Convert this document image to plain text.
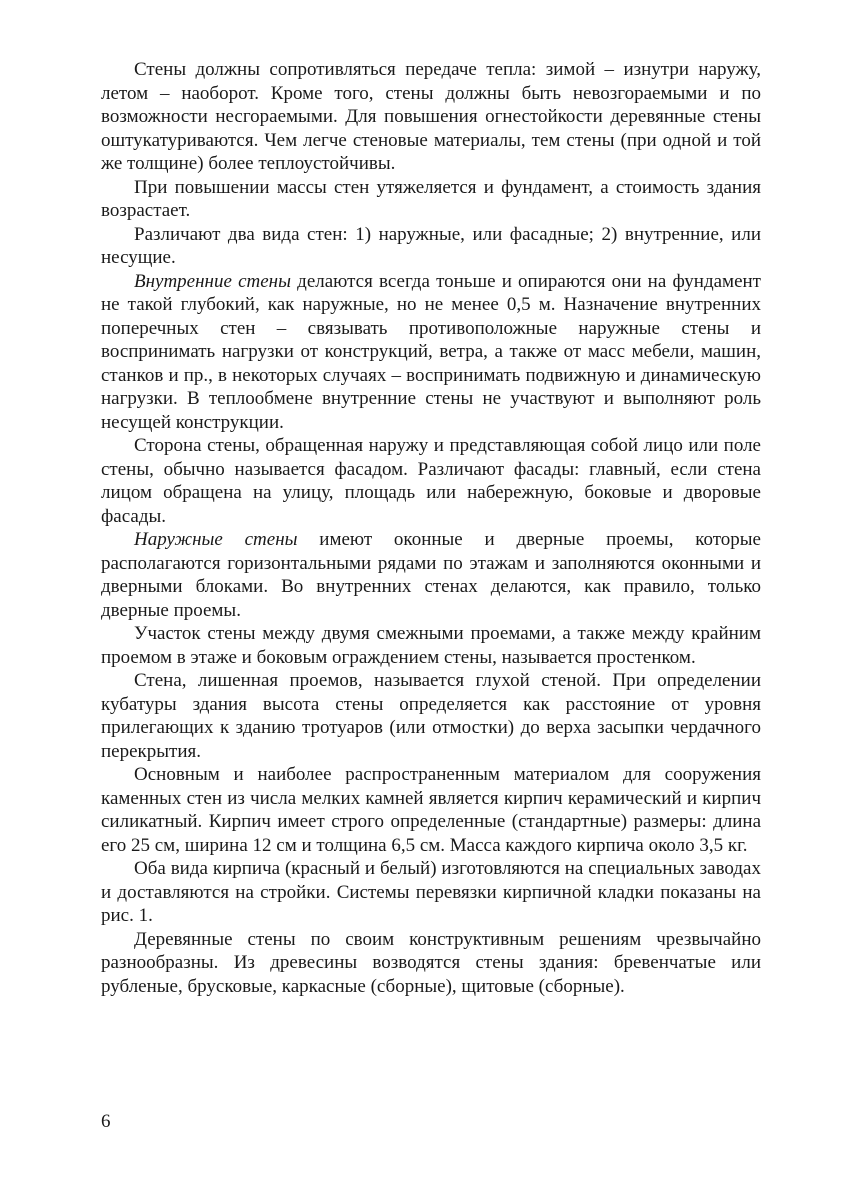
Стены должны сопротивляться передаче тепла: зимой – изнутри наружу, летом – наоборот. Кроме того, стены должны быть невозгораемыми и по возможности несгораемыми. Для повышения огнестойкости деревянные стены оштукатуриваются. Чем легче стеновые материалы, тем стены (при одной и той же толщине) более теплоустойчивы.

При повышении массы стен утяжеляется и фундамент, а стоимость здания возрастает.

Различают два вида стен: 1) наружные, или фасадные; 2) внутренние, или несущие.

Внутренние стены делаются всегда тоньше и опираются они на фундамент не такой глубокий, как наружные, но не менее 0,5 м. Назначение внутренних поперечных стен – связывать противоположные наружные стены и воспринимать нагрузки от конструкций, ветра, а также от масс мебели, машин, станков и пр., в некоторых случаях – воспринимать подвижную и динамическую нагрузки. В теплообмене внутренние стены не участвуют и выполняют роль несущей конструкции.

Сторона стены, обращенная наружу и представляющая собой лицо или поле стены, обычно называется фасадом. Различают фасады: главный, если стена лицом обращена на улицу, площадь или набережную, боковые и дворовые фасады.

Наружные стены имеют оконные и дверные проемы, которые располагаются горизонтальными рядами по этажам и заполняются оконными и дверными блоками. Во внутренних стенах делаются, как правило, только дверные проемы.

Участок стены между двумя смежными проемами, а также между крайним проемом в этаже и боковым ограждением стены, называется простенком.

Стена, лишенная проемов, называется глухой стеной. При определении кубатуры здания высота стены определяется как расстояние от уровня прилегающих к зданию тротуаров (или отмостки) до верха засыпки чердачного перекрытия.

Основным и наиболее распространенным материалом для сооружения каменных стен из числа мелких камней является кирпич керамический и кирпич силикатный. Кирпич имеет строго определенные (стандартные) размеры: длина его 25 см, ширина 12 см и толщина 6,5 см. Масса каждого кирпича около 3,5 кг.

Оба вида кирпича (красный и белый) изготовляются на специальных заводах и доставляются на стройки. Системы перевязки кирпичной кладки показаны на рис. 1.

Деревянные стены по своим конструктивным решениям чрезвычайно разнообразны. Из древесины возводятся стены здания: бревенчатые или рубленые, брусковые, каркасные (сборные), щитовые (сборные).

6
